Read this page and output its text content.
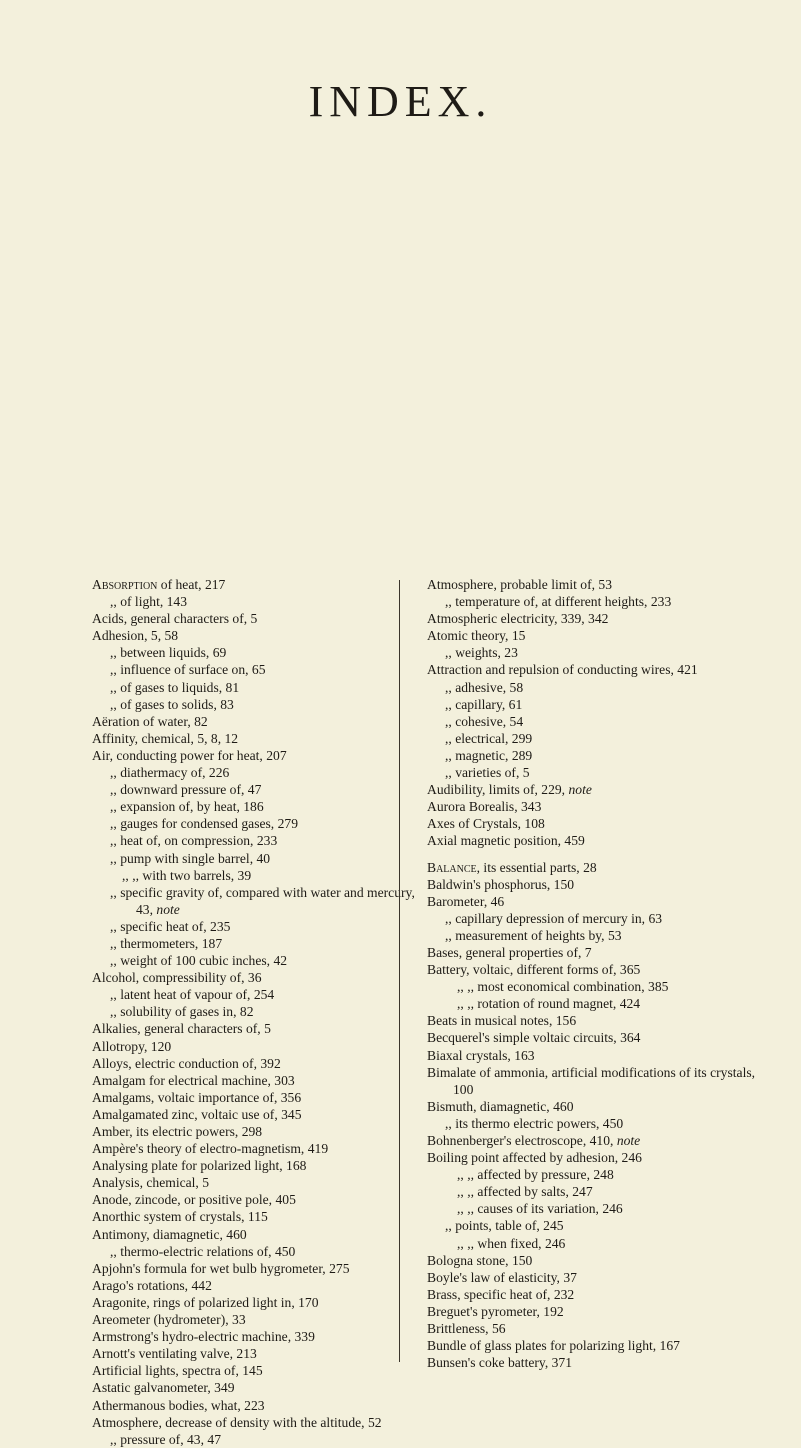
INDEX.

Absorption of heat, 217

,, of light, 143

Acids, general characters of, 5

Adhesion, 5, 58

,, between liquids, 69

,, influence of surface on, 65

,, of gases to liquids, 81

,, of gases to solids, 83

Aëration of water, 82

Affinity, chemical, 5, 8, 12

Air, conducting power for heat, 207

,, diathermacy of, 226

,, downward pressure of, 47

,, expansion of, by heat, 186

,, gauges for condensed gases, 279

,, heat of, on compression, 233

,, pump with single barrel, 40

,, ,, with two barrels, 39

,, specific gravity of, compared with water and mercury, 43, note

,, specific heat of, 235

,, thermometers, 187

,, weight of 100 cubic inches, 42

Alcohol, compressibility of, 36

,, latent heat of vapour of, 254

,, solubility of gases in, 82

Alkalies, general characters of, 5

Allotropy, 120

Alloys, electric conduction of, 392

Amalgam for electrical machine, 303

Amalgams, voltaic importance of, 356

Amalgamated zinc, voltaic use of, 345

Amber, its electric powers, 298

Ampère's theory of electro-magnetism, 419

Analysing plate for polarized light, 168

Analysis, chemical, 5

Anode, zincode, or positive pole, 405

Anorthic system of crystals, 115

Antimony, diamagnetic, 460

,, thermo-electric relations of, 450

Apjohn's formula for wet bulb hygrometer, 275

Arago's rotations, 442

Aragonite, rings of polarized light in, 170

Areometer (hydrometer), 33

Armstrong's hydro-electric machine, 339

Arnott's ventilating valve, 213

Artificial lights, spectra of, 145

Astatic galvanometer, 349

Athermanous bodies, what, 223

Atmosphere, decrease of density with the altitude, 52

,, pressure of, 43, 47

Atmosphere, probable limit of, 53

,, temperature of, at different heights, 233

Atmospheric electricity, 339, 342

Atomic theory, 15

,, weights, 23

Attraction and repulsion of conducting wires, 421

,, adhesive, 58

,, capillary, 61

,, cohesive, 54

,, electrical, 299

,, magnetic, 289

,, varieties of, 5

Audibility, limits of, 229, note

Aurora Borealis, 343

Axes of Crystals, 108

Axial magnetic position, 459

Balance, its essential parts, 28

Baldwin's phosphorus, 150

Barometer, 46

,, capillary depression of mercury in, 63

,, measurement of heights by, 53

Bases, general properties of, 7

Battery, voltaic, different forms of, 365

,, ,, most economical combination, 385

,, ,, rotation of round magnet, 424

Beats in musical notes, 156

Becquerel's simple voltaic circuits, 364

Biaxal crystals, 163

Bimalate of ammonia, artificial modifications of its crystals, 100

Bismuth, diamagnetic, 460

,, its thermo electric powers, 450

Bohnenberger's electroscope, 410, note

Boiling point affected by adhesion, 246

,, ,, affected by pressure, 248

,, ,, affected by salts, 247

,, ,, causes of its variation, 246

,, points, table of, 245

,, ,, when fixed, 246

Bologna stone, 150

Boyle's law of elasticity, 37

Brass, specific heat of, 232

Breguet's pyrometer, 192

Brittleness, 56

Bundle of glass plates for polarizing light, 167

Bunsen's coke battery, 371
